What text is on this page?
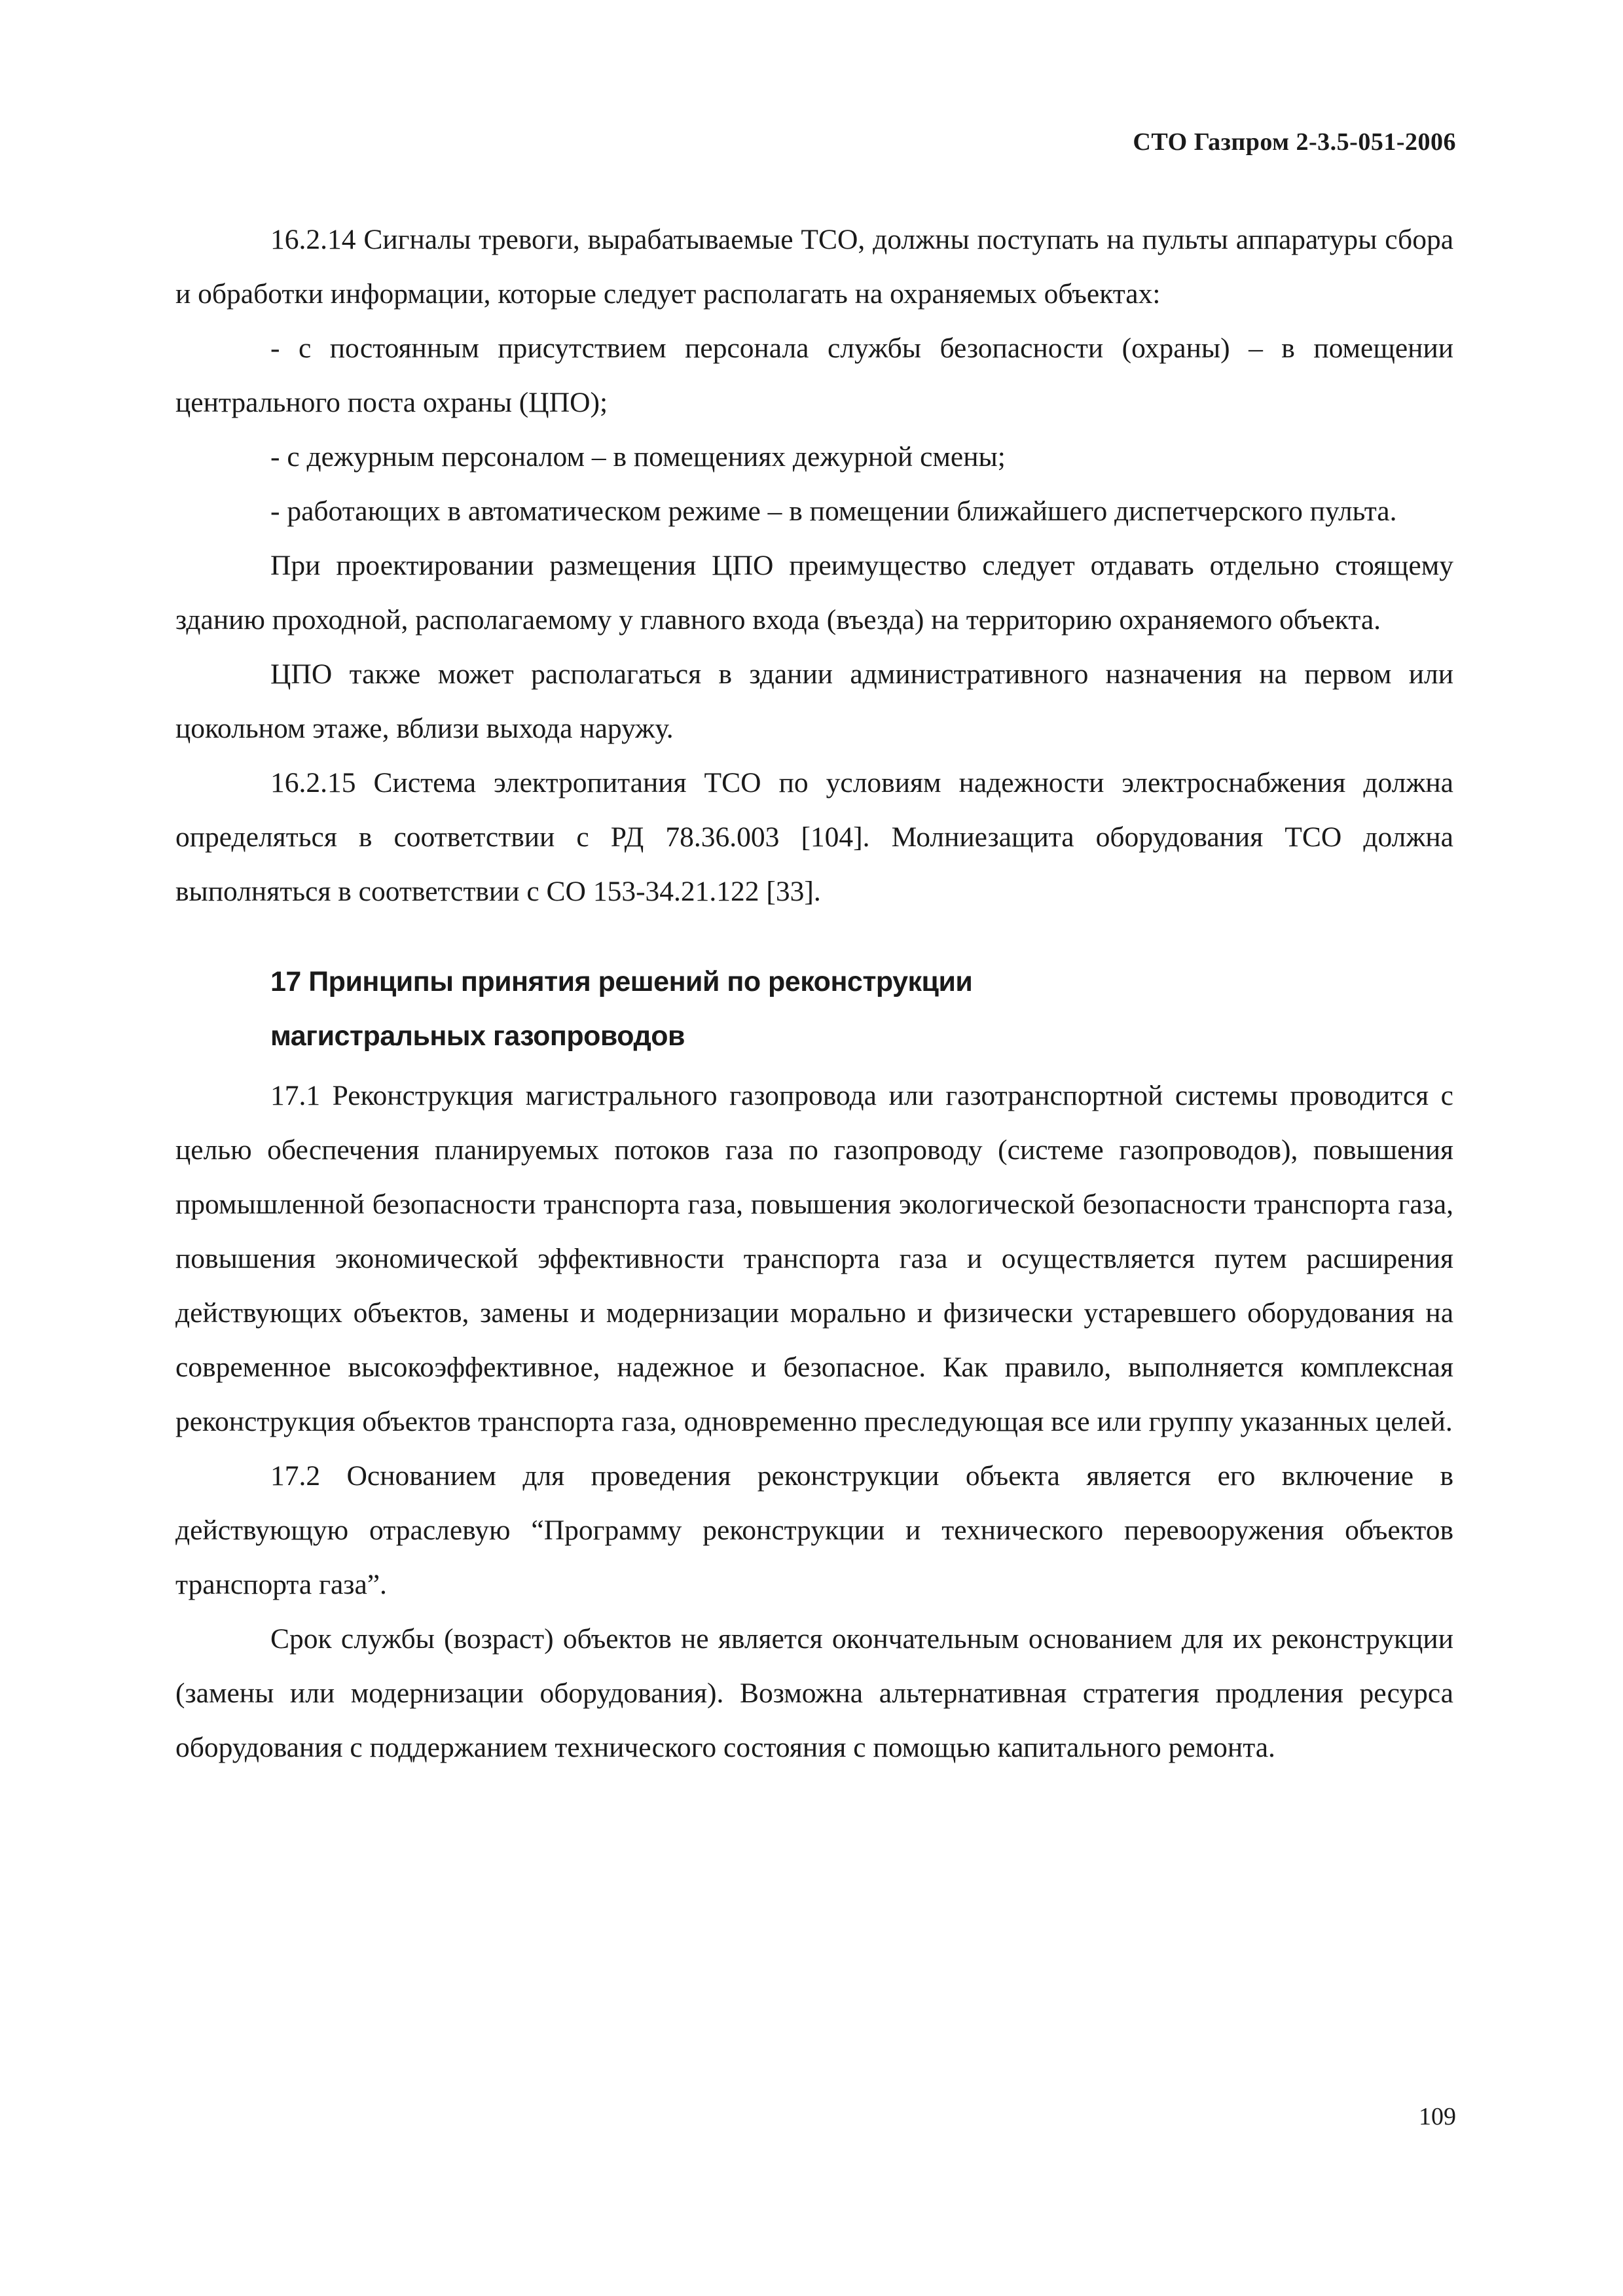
СТО Газпром 2-3.5-051-2006

16.2.14 Сигналы тревоги, вырабатываемые ТСО, должны поступать на пульты аппаратуры сбора и обработки информации, которые следует располагать на охраняемых объектах:

- с постоянным присутствием персонала службы безопасности (охраны) – в помещении центрального поста охраны (ЦПО);

- с дежурным персоналом – в помещениях дежурной смены;

- работающих в автоматическом режиме – в помещении ближайшего диспетчерского пульта.

При проектировании размещения ЦПО преимущество следует отдавать отдельно стоящему зданию проходной, располагаемому у главного входа (въезда) на территорию охраняемого объекта.

ЦПО также может располагаться в здании административного назначения на первом или цокольном этаже, вблизи выхода наружу.

16.2.15 Система электропитания ТСО по условиям надежности электроснабжения должна определяться в соответствии с РД 78.36.003 [104]. Молниезащита оборудования ТСО должна выполняться в соответствии с СО 153-34.21.122 [33].

17 Принципы принятия решений по реконструкции
магистральных газопроводов

17.1 Реконструкция магистрального газопровода или газотранспортной системы проводится с целью обеспечения планируемых потоков газа по газопроводу (системе газопроводов), повышения промышленной безопасности транспорта газа, повышения экологической безопасности транспорта газа, повышения экономической эффективности транспорта газа и осуществляется путем расширения действующих объектов, замены и модернизации морально и физически устаревшего оборудования на современное высокоэффективное, надежное и безопасное. Как правило, выполняется комплексная реконструкция объектов транспорта газа, одновременно преследующая все или группу указанных целей.

17.2 Основанием для проведения реконструкции объекта является его включение в действующую отраслевую “Программу реконструкции и технического перевооружения объектов транспорта газа”.

Срок службы (возраст) объектов не является окончательным основанием для их реконструкции (замены или модернизации оборудования). Возможна альтернативная стратегия продления ресурса оборудования с поддержанием технического состояния с помощью капитального ремонта.

109
